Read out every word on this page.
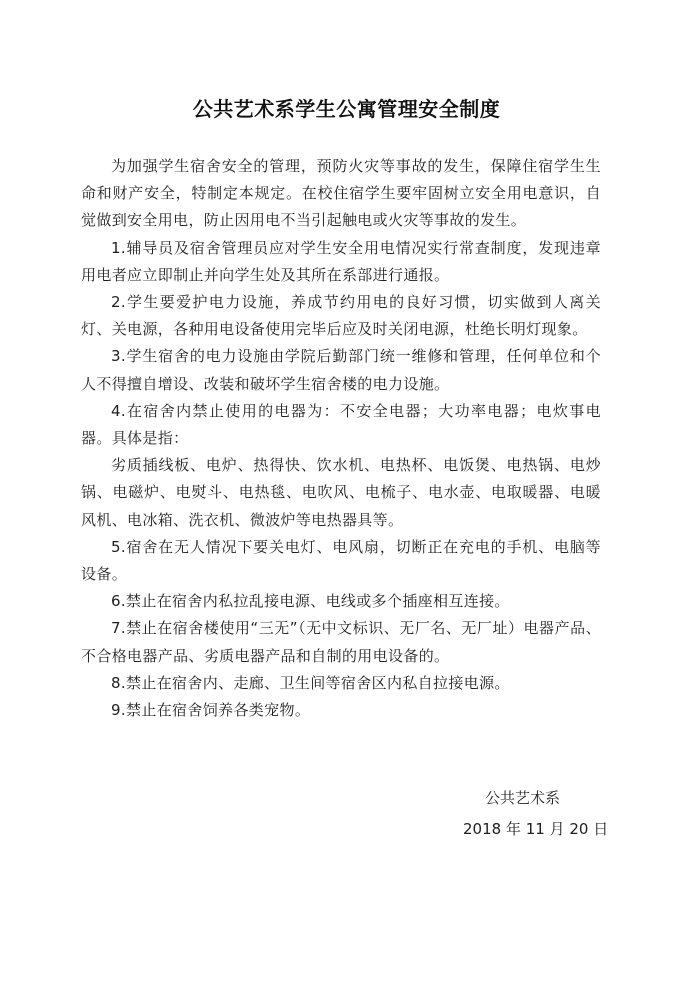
公共艺术系学生公寓管理安全制度

为加强学生宿舍安全的管理，预防火灾等事故的发生，保障住宿学生生命和财产安全，特制定本规定。在校住宿学生要牢固树立安全用电意识，自觉做到安全用电，防止因用电不当引起触电或火灾等事故的发生。

1.辅导员及宿舍管理员应对学生安全用电情况实行常查制度，发现违章用电者应立即制止并向学生处及其所在系部进行通报。

2.学生要爱护电力设施，养成节约用电的良好习惯，切实做到人离关灯、关电源，各种用电设备使用完毕后应及时关闭电源，杜绝长明灯现象。

3.学生宿舍的电力设施由学院后勤部门统一维修和管理，任何单位和个人不得擅自增设、改装和破坏学生宿舍楼的电力设施。

4.在宿舍内禁止使用的电器为：不安全电器；大功率电器；电炊事电器。具体是指：

劣质插线板、电炉、热得快、饮水机、电热杯、电饭煲、电热锅、电炒锅、电磁炉、电熨斗、电热毯、电吹风、电梳子、电水壶、电取暖器、电暖风机、电冰箱、洗衣机、微波炉等电热器具等。

5.宿舍在无人情况下要关电灯、电风扇，切断正在充电的手机、电脑等设备。

6.禁止在宿舍内私拉乱接电源、电线或多个插座相互连接。

7.禁止在宿舍楼使用“三无”（无中文标识、无厂名、无厂址）电器产品、不合格电器产品、劣质电器产品和自制的用电设备的。

8.禁止在宿舍内、走廊、卫生间等宿舍区内私自拉接电源。

9.禁止在宿舍饲养各类宠物。

公共艺术系
2018 年 11 月 20 日
